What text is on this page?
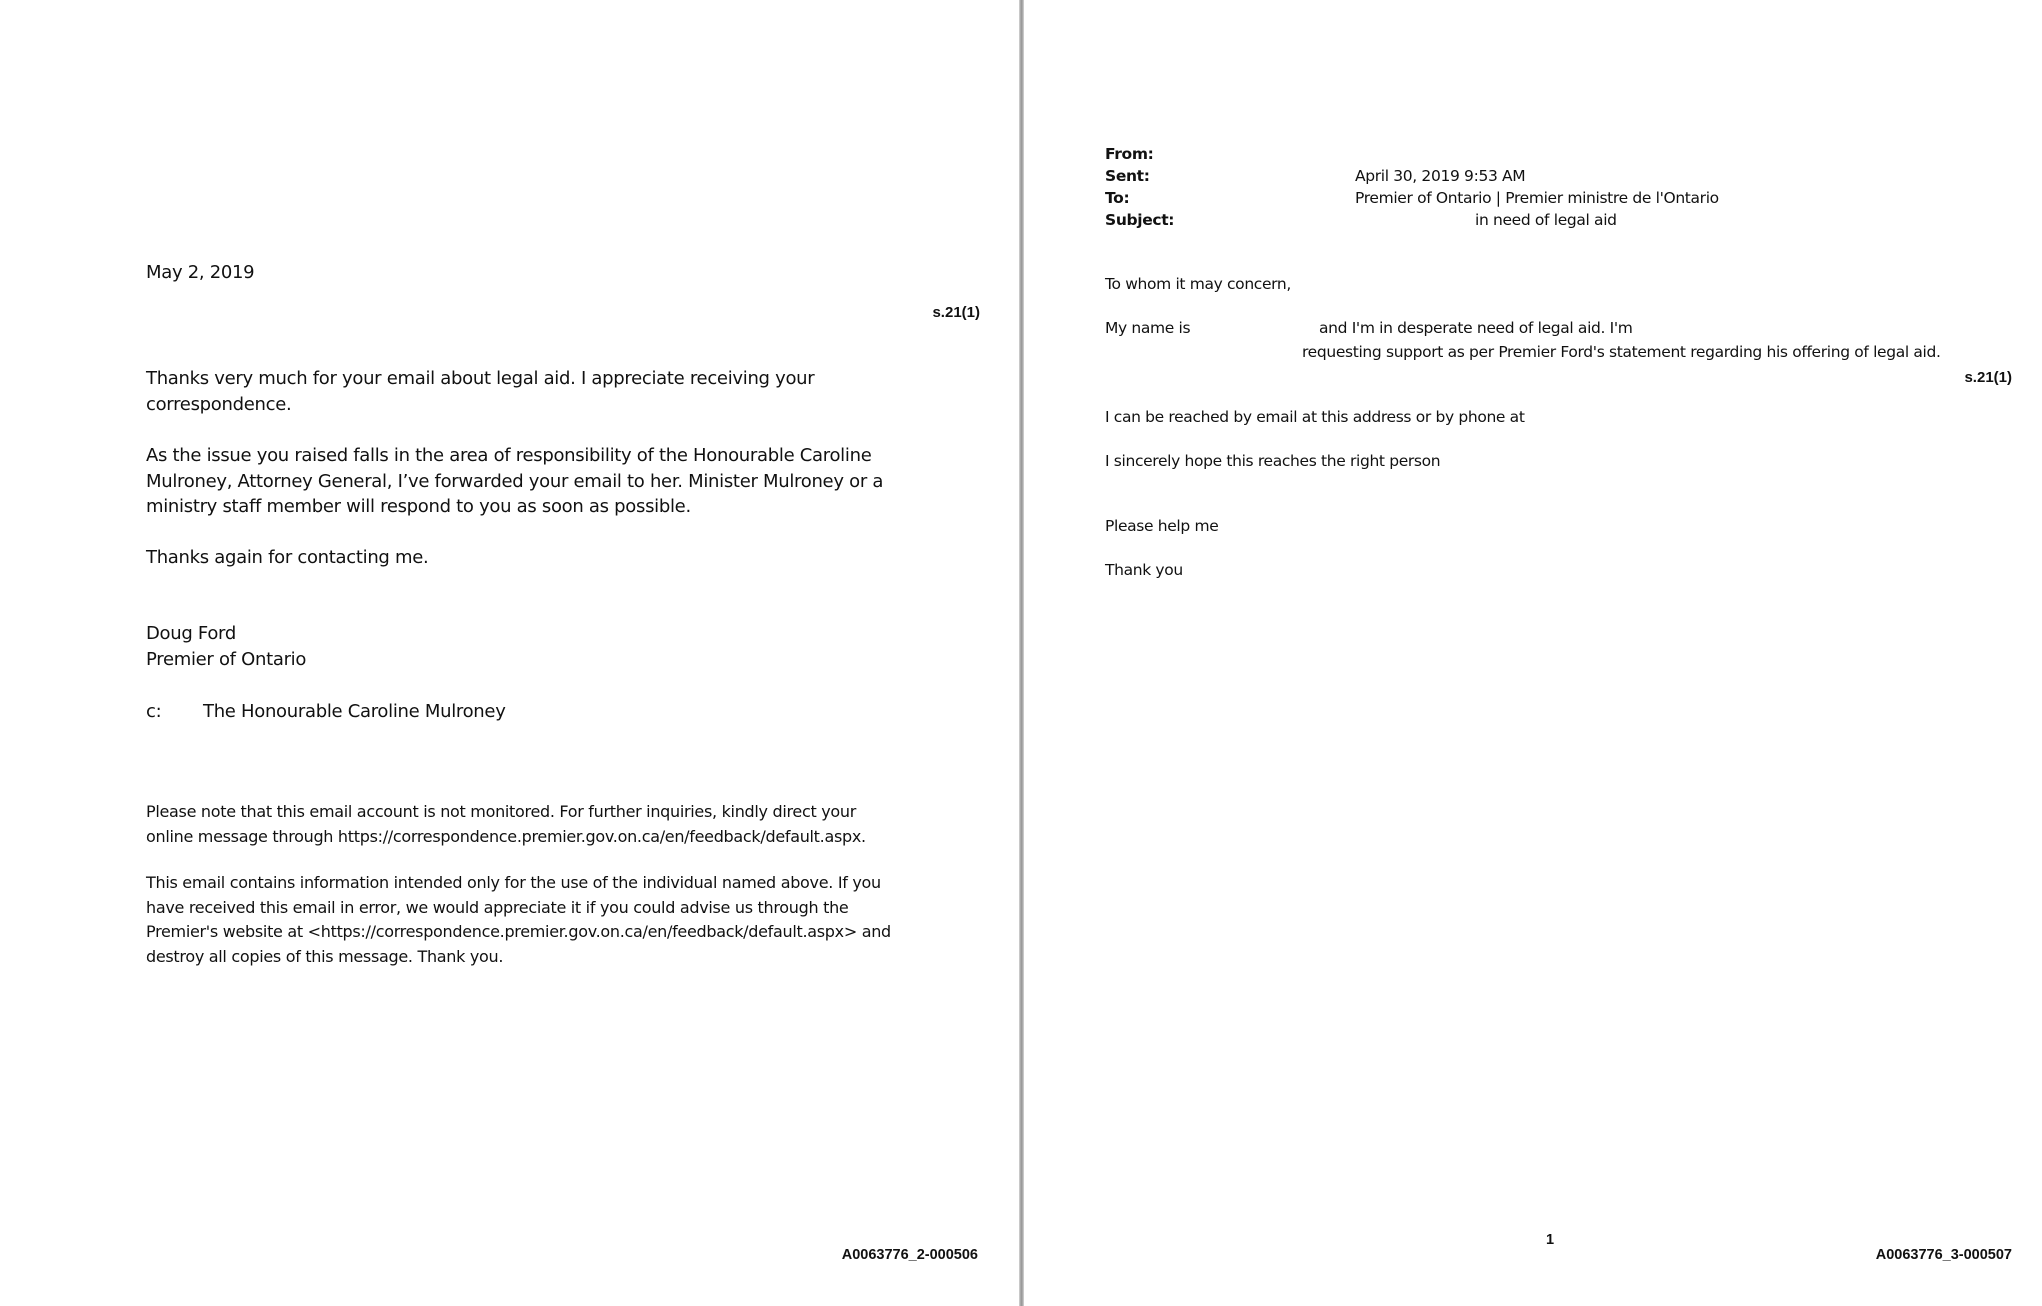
May 2, 2019
s.21(1)

Thanks very much for your email about legal aid. I appreciate receiving your

correspondence.

As the issue you raised falls in the area of responsibility of the Honourable Caroline

Mulroney, Attorney General, I’ve forwarded your email to her. Minister Mulroney or a

ministry staff member will respond to you as soon as possible.

Thanks again for contacting me.

Doug Ford

Premier of Ontario

c: The Honourable Caroline Mulroney

Please note that this email account is not monitored. For further inquiries, kindly direct your

online message through https://correspondence.premier.gov.on.ca/en/feedback/default.aspx.

This email contains information intended only for the use of the individual named above. If you

have received this email in error, we would appreciate it if you could advise us through the

Premier's website at <https://correspondence.premier.gov.on.ca/en/feedback/default.aspx> and

destroy all copies of this message. Thank you.

A0063776_2-000506
From:
Sent:	April 30, 2019 9:53 AM
To:	Premier of Ontario | Premier ministre de l'Ontario
Subject:	in need of legal aid
To whom it may concern,
My name is	and I'm in desperate need of legal aid. I'm
requesting support as per Premier Ford's statement regarding his offering of legal aid.
s.21(1)
I can be reached by email at this address or by phone at
I sincerely hope this reaches the right person
Please help me
Thank you
1
A0063776_3-000507
